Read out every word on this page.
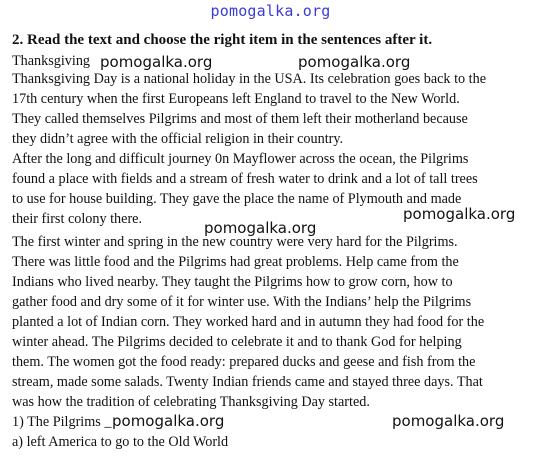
pomogalka.org
2. Read the text and choose the right item in the sentences after it.
Thanksgiving
Thanksgiving Day is a national holiday in the USA. Its celebration goes back to the
17th century when the first Europeans left England to travel to the New World.
They called themselves Pilgrims and most of them left their motherland because
they didn’t agree with the official religion in their country.
After the long and difficult journey 0n Mayflower across the ocean, the Pilgrims
found a place with fields and a stream of fresh water to drink and a lot of tall trees
to use for house building. They gave the place the name of Plymouth and made
their first colony there.
The first winter and spring in the new country were very hard for the Pilgrims.
There was little food and the Pilgrims had great problems. Help came from the
Indians who lived nearby. They taught the Pilgrims how to grow corn, how to
gather food and dry some of it for winter use. With the Indians’ help the Pilgrims
planted a lot of Indian corn. They worked hard and in autumn they had food for the
winter ahead. The Pilgrims decided to celebrate it and to thank God for helping
them. The women got the food ready: prepared ducks and geese and fish from the
stream, made some salads. Twenty Indian friends came and stayed three days. That
was how the tradition of celebrating Thanksgiving Day started.
1) The Pilgrims _
a) left America to go to the Old World
pomogalka.org	pomogalka.org
pomogalka.org
pomogalka.org
pomogalka.org	pomogalka.org
